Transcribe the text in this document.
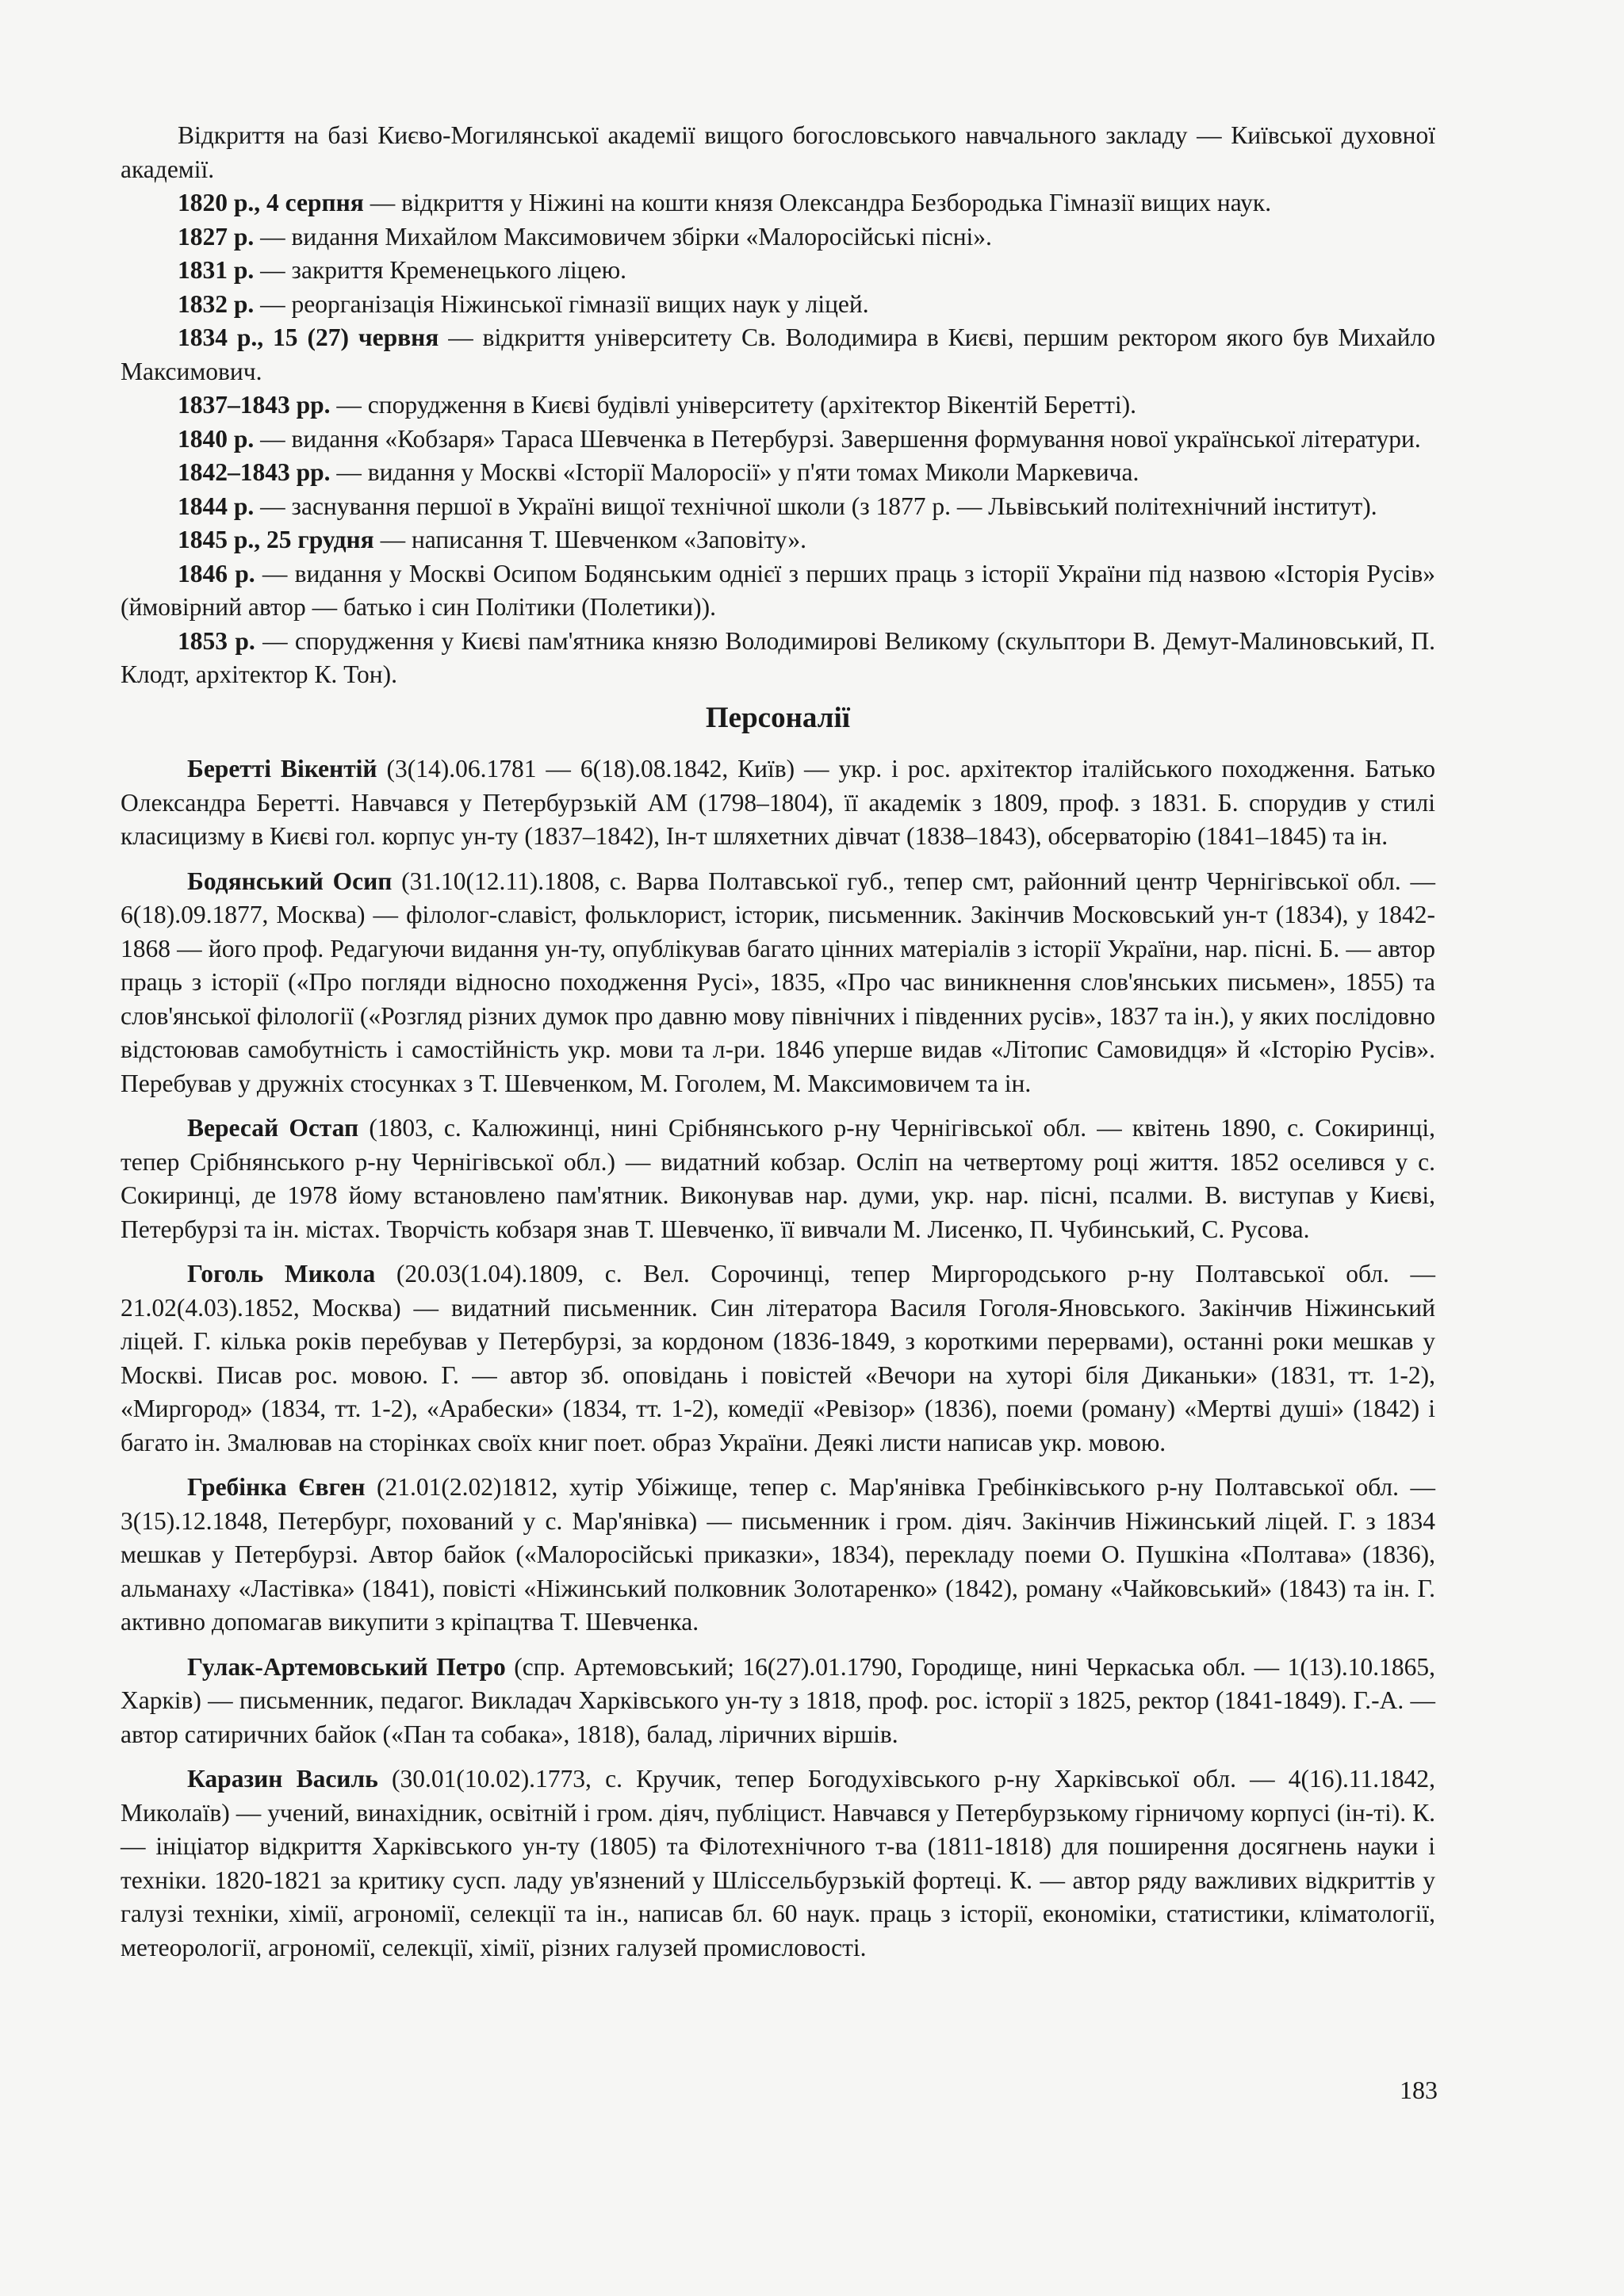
Відкриття на базі Києво-Могилянської академії вищого богословського навчального закладу — Київської духовної академії.

1820 р., 4 серпня — відкриття у Ніжині на кошти князя Олександра Безбородька Гімназії вищих наук.

1827 р. — видання Михайлом Максимовичем збірки «Малоросійські пісні».

1831 р. — закриття Кременецького ліцею.

1832 р. — реорганізація Ніжинської гімназії вищих наук у ліцей.

1834 р., 15 (27) червня — відкриття університету Св. Володимира в Києві, першим ректором якого був Михайло Максимович.

1837–1843 рр. — спорудження в Києві будівлі університету (архітектор Вікентій Беретті).

1840 р. — видання «Кобзаря» Тараса Шевченка в Петербурзі. Завершення формування нової української літератури.

1842–1843 рр. — видання у Москві «Історії Малоросії» у п'яти томах Миколи Маркевича.

1844 р. — заснування першої в Україні вищої технічної школи (з 1877 р. — Львівський політехнічний інститут).

1845 р., 25 грудня — написання Т. Шевченком «Заповіту».

1846 р. — видання у Москві Осипом Бодянським однієї з перших праць з історії України під назвою «Історія Русів» (ймовірний автор — батько і син Політики (Полетики)).

1853 р. — спорудження у Києві пам'ятника князю Володимирові Великому (скульптори В. Демут-Малиновський, П. Клодт, архітектор К. Тон).

Персоналії

Беретті Вікентій (3(14).06.1781 — 6(18).08.1842, Київ) — укр. і рос. архітектор італійського походження. Батько Олександра Беретті. Навчався у Петербурзькій АМ (1798–1804), її академік з 1809, проф. з 1831. Б. спорудив у стилі класицизму в Києві гол. корпус ун-ту (1837–1842), Ін-т шляхетних дівчат (1838–1843), обсерваторію (1841–1845) та ін.

Бодянський Осип (31.10(12.11).1808, с. Варва Полтавської губ., тепер смт, районний центр Чернігівської обл. — 6(18).09.1877, Москва) — філолог-славіст, фольклорист, історик, письменник. Закінчив Московський ун-т (1834), у 1842-1868 — його проф. Редагуючи видання ун-ту, опублікував багато цінних матеріалів з історії України, нар. пісні. Б. — автор праць з історії («Про погляди відносно походження Русі», 1835, «Про час виникнення слов'янських письмен», 1855) та слов'янської філології («Розгляд різних думок про давню мову північних і південних русів», 1837 та ін.), у яких послідовно відстоював самобутність і самостійність укр. мови та л-ри. 1846 уперше видав «Літопис Самовидця» й «Історію Русів». Перебував у дружніх стосунках з Т. Шевченком, М. Гоголем, М. Максимовичем та ін.

Вересай Остап (1803, с. Калюжинці, нині Срібнянського р-ну Чернігівської обл. — квітень 1890, с. Сокиринці, тепер Срібнянського р-ну Чернігівської обл.) — видатний кобзар. Осліп на четвертому році життя. 1852 оселився у с. Сокиринці, де 1978 йому встановлено пам'ятник. Виконував нар. думи, укр. нар. пісні, псалми. В. виступав у Києві, Петербурзі та ін. містах. Творчість кобзаря знав Т. Шевченко, її вивчали М. Лисенко, П. Чубинський, С. Русова.

Гоголь Микола (20.03(1.04).1809, с. Вел. Сорочинці, тепер Миргородського р-ну Полтавської обл. — 21.02(4.03).1852, Москва) — видатний письменник. Син літератора Василя Гоголя-Яновського. Закінчив Ніжинський ліцей. Г. кілька років перебував у Петербурзі, за кордоном (1836-1849, з короткими перервами), останні роки мешкав у Москві. Писав рос. мовою. Г. — автор зб. оповідань і повістей «Вечори на хуторі біля Диканьки» (1831, тт. 1-2), «Миргород» (1834, тт. 1-2), «Арабески» (1834, тт. 1-2), комедії «Ревізор» (1836), поеми (роману) «Мертві душі» (1842) і багато ін. Змалював на сторінках своїх книг поет. образ України. Деякі листи написав укр. мовою.

Гребінка Євген (21.01(2.02)1812, хутір Убіжище, тепер с. Мар'янівка Гребінківського р-ну Полтавської обл. — 3(15).12.1848, Петербург, похований у с. Мар'янівка) — письменник і гром. діяч. Закінчив Ніжинський ліцей. Г. з 1834 мешкав у Петербурзі. Автор байок («Малоросійські приказки», 1834), перекладу поеми О. Пушкіна «Полтава» (1836), альманаху «Ластівка» (1841), повісті «Ніжинський полковник Золотаренко» (1842), роману «Чайковський» (1843) та ін. Г. активно допомагав викупити з кріпацтва Т. Шевченка.

Гулак-Артемовський Петро (спр. Артемовський; 16(27).01.1790, Городище, нині Черкаська обл. — 1(13).10.1865, Харків) — письменник, педагог. Викладач Харківського ун-ту з 1818, проф. рос. історії з 1825, ректор (1841-1849). Г.-А. — автор сатиричних байок («Пан та собака», 1818), балад, ліричних віршів.

Каразин Василь (30.01(10.02).1773, с. Кручик, тепер Богодухівського р-ну Харківської обл. — 4(16).11.1842, Миколаїв) — учений, винахідник, освітній і гром. діяч, публіцист. Навчався у Петербурзькому гірничому корпусі (ін-ті). К. — ініціатор відкриття Харківського ун-ту (1805) та Філотехнічного т-ва (1811-1818) для поширення досягнень науки і техніки. 1820-1821 за критику сусп. ладу ув'язнений у Шліссельбурзькій фортеці. К. — автор ряду важливих відкриттів у галузі техніки, хімії, агрономії, селекції та ін., написав бл. 60 наук. праць з історії, економіки, статистики, кліматології, метеорології, агрономії, селекції, хімії, різних галузей промисловості.

183
